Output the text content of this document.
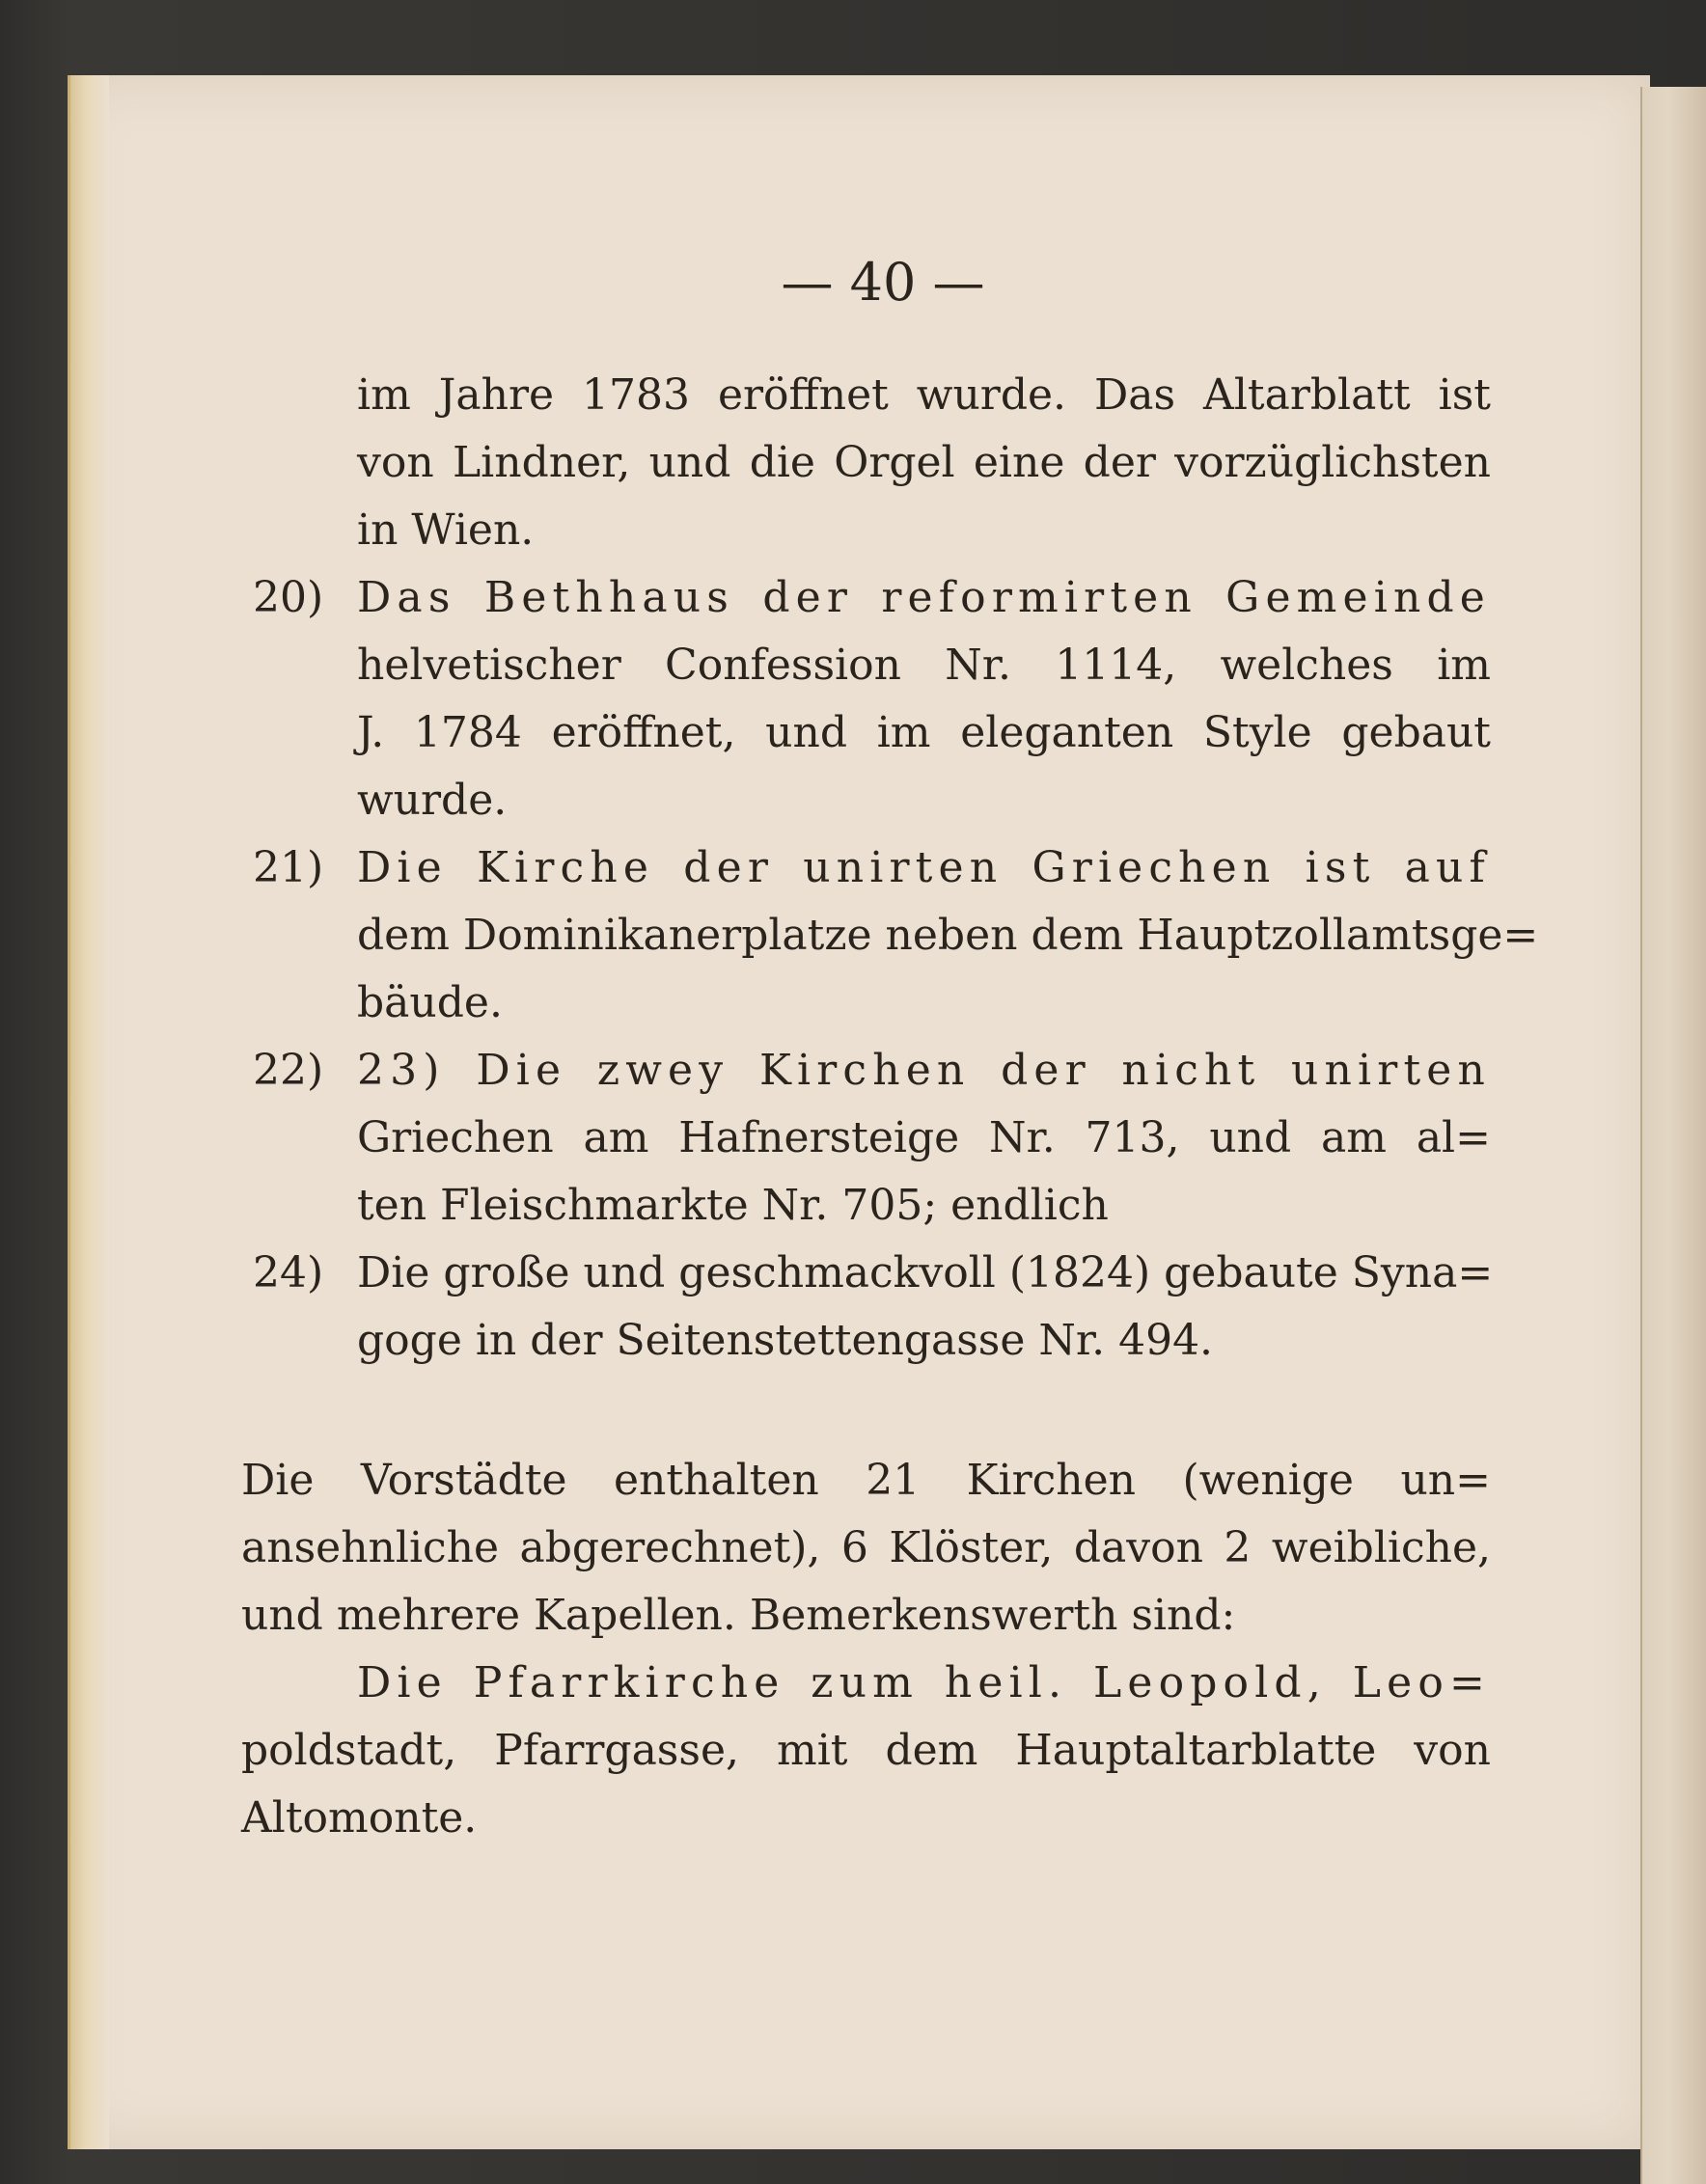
— 40 —
im Jahre 1783 eröffnet wurde. Das Altarblatt ist
von Lindner, und die Orgel eine der vorzüglichsten
in Wien.
20) Das Bethhaus der reformirten Gemeinde
helvetischer Confession Nr. 1114, welches im
J. 1784 eröffnet, und im eleganten Style gebaut
wurde.
21) Die Kirche der unirten Griechen ist auf
dem Dominikanerplatze neben dem Hauptzollamtsge=
bäude.
22) 23) Die zwey Kirchen der nicht unirten
Griechen am Hafnersteige Nr. 713, und am al=
ten Fleischmarkte Nr. 705; endlich
24) Die große und geschmackvoll (1824) gebaute Syna=
goge in der Seitenstettengasse Nr. 494.
Die Vorstädte enthalten 21 Kirchen (wenige un=
ansehnliche abgerechnet), 6 Klöster, davon 2 weibliche,
und mehrere Kapellen. Bemerkenswerth sind:
Die Pfarrkirche zum heil. Leopold, Leo=
poldstadt, Pfarrgasse, mit dem Hauptaltarblatte von
Altomonte.
